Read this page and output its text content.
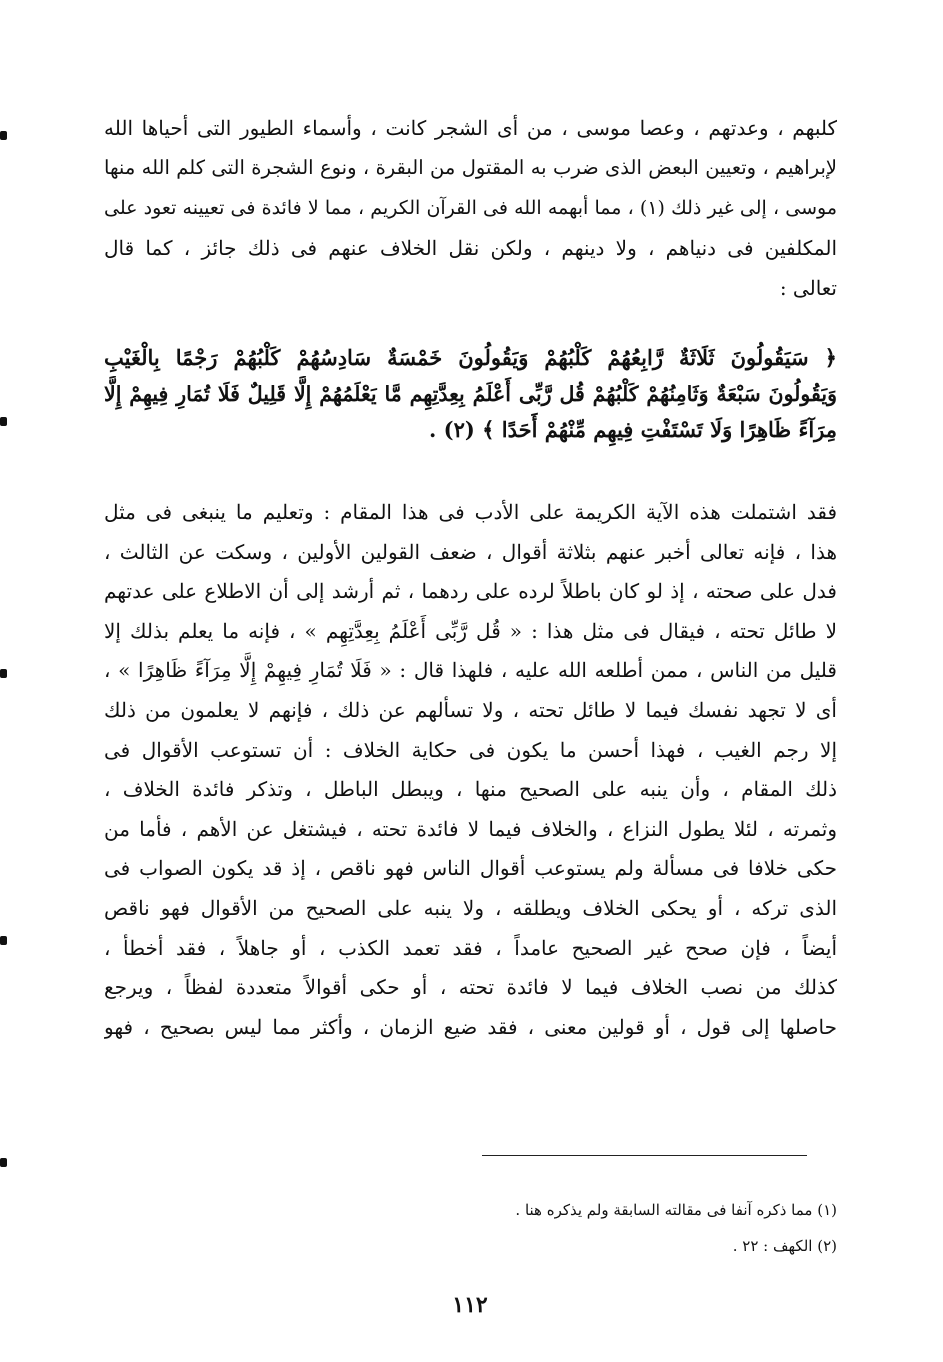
كلبهم ، وعدتهم ، وعصا موسى ، من أى الشجر كانت ، وأسماء الطيور التى أحياها الله
لإبراهيم ، وتعيين البعض الذى ضرب به المقتول من البقرة ، ونوع الشجرة التى كلم الله منها
موسى ، إلى غير ذلك (١) ، مما أبهمه الله فى القرآن الكريم ، مما لا فائدة فى تعيينه تعود على
المكلفين فى دنياهم ، ولا دينهم ، ولكن نقل الخلاف عنهم فى ذلك جائز ، كما قال
تعالى :
﴿ سَيَقُولُونَ ثَلَاثَةٌ رَّابِعُهُمْ كَلْبُهُمْ وَيَقُولُونَ خَمْسَةٌ سَادِسُهُمْ كَلْبُهُمْ رَجْمًا بِالْغَيْبِ
وَيَقُولُونَ سَبْعَةٌ وَثَامِنُهُمْ كَلْبُهُمْ قُل رَّبِّى أَعْلَمُ بِعِدَّتِهِم مَّا يَعْلَمُهُمْ إِلَّا قَلِيلٌ فَلَا تُمَارِ فِيهِمْ إِلَّا
مِرَآءً ظَاهِرًا وَلَا تَسْتَفْتِ فِيهِم مِّنْهُمْ أَحَدًا ﴾ (٢) .
فقد اشتملت هذه الآية الكريمة على الأدب فى هذا المقام : وتعليم ما ينبغى فى مثل
هذا ، فإنه تعالى أخبر عنهم بثلاثة أقوال ، ضعف القولين الأولين ، وسكت عن الثالث ،
فدل على صحته ، إذ لو كان باطلاً لرده على ردهما ، ثم أرشد إلى أن الاطلاع على عدتهم
لا طائل تحته ، فيقال فى مثل هذا : « قُل رَّبِّى أَعْلَمُ بِعِدَّتِهِم » ، فإنه ما يعلم بذلك إلا
قليل من الناس ، ممن أطلعه الله عليه ، فلهذا قال : « فَلَا تُمَارِ فِيهِمْ إِلَّا مِرَآءً ظَاهِرًا » ،
أى لا تجهد نفسك فيما لا طائل تحته ، ولا تسألهم عن ذلك ، فإنهم لا يعلمون من ذلك
إلا رجم الغيب ، فهذا أحسن ما يكون فى حكاية الخلاف : أن تستوعب الأقوال فى
ذلك المقام ، وأن ينبه على الصحيح منها ، ويبطل الباطل ، وتذكر فائدة الخلاف ،
وثمرته ، لئلا يطول النزاع ، والخلاف فيما لا فائدة تحته ، فيشتغل عن الأهم ، فأما من
حكى خلافا فى مسألة ولم يستوعب أقوال الناس فهو ناقص ، إذ قد يكون الصواب فى
الذى تركه ، أو يحكى الخلاف ويطلقه ، ولا ينبه على الصحيح من الأقوال فهو ناقص
أيضاً ، فإن صحح غير الصحيح عامداً ، فقد تعمد الكذب ، أو جاهلاً ، فقد أخطأ ،
كذلك من نصب الخلاف فيما لا فائدة تحته ، أو حكى أقوالاً متعددة لفظاً ، ويرجع
حاصلها إلى قول ، أو قولين معنى ، فقد ضيع الزمان ، وأكثر مما ليس بصحيح ، فهو
(١) مما ذكره آنفا فى مقالته السابقة ولم يذكره هنا .
(٢) الكهف : ٢٢ .
١١٢
